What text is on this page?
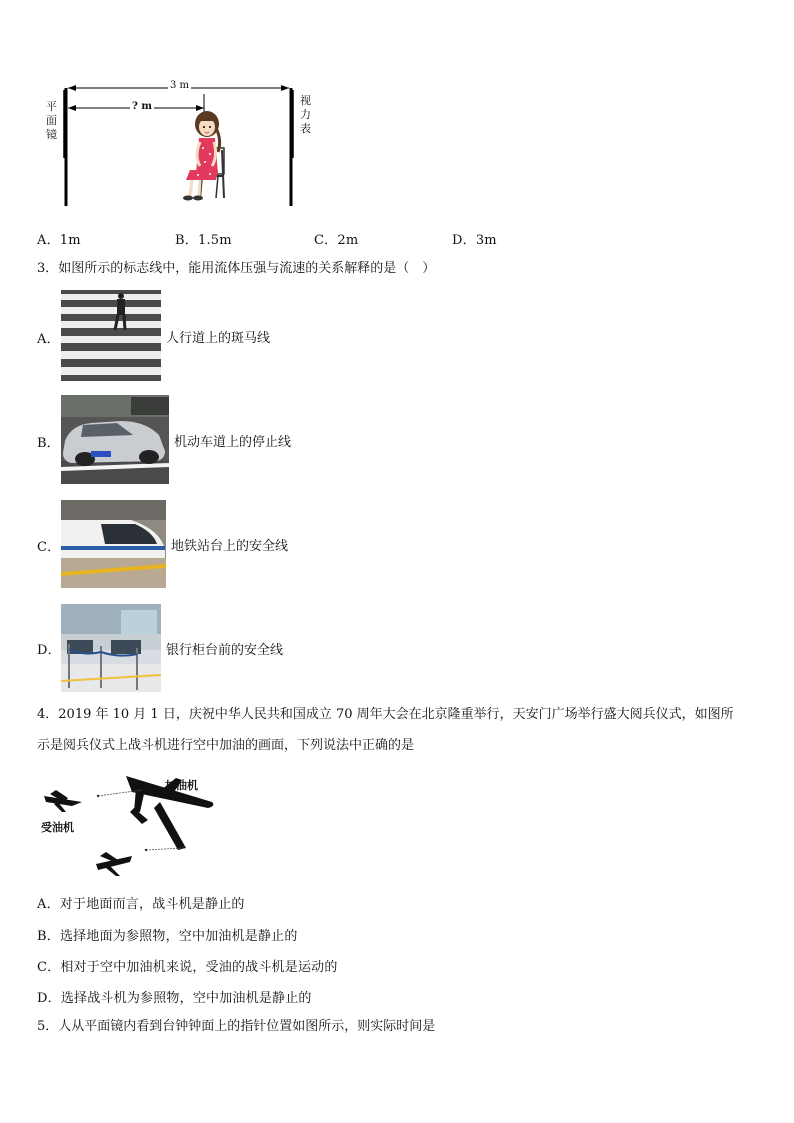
平
面
镜
视
力
表
3 m
? m
A．1m	B．1.5m	C．2m	D．3m
3．如图所示的标志线中，能用流体压强与流速的关系解释的是（　）
A．	人行道上的斑马线
B．	机动车道上的停止线
C．	地铁站台上的安全线
D．	银行柜台前的安全线
4．2019 年 10 月 1 日，庆祝中华人民共和国成立 70 周年大会在北京隆重举行，天安门广场举行盛大阅兵仪式，如图所
示是阅兵仪式上战斗机进行空中加油的画面，下列说法中正确的是
加油机
受油机
A．对于地面而言，战斗机是静止的
B．选择地面为参照物，空中加油机是静止的
C．相对于空中加油机来说，受油的战斗机是运动的
D．选择战斗机为参照物，空中加油机是静止的
5．人从平面镜内看到台钟钟面上的指针位置如图所示，则实际时间是
